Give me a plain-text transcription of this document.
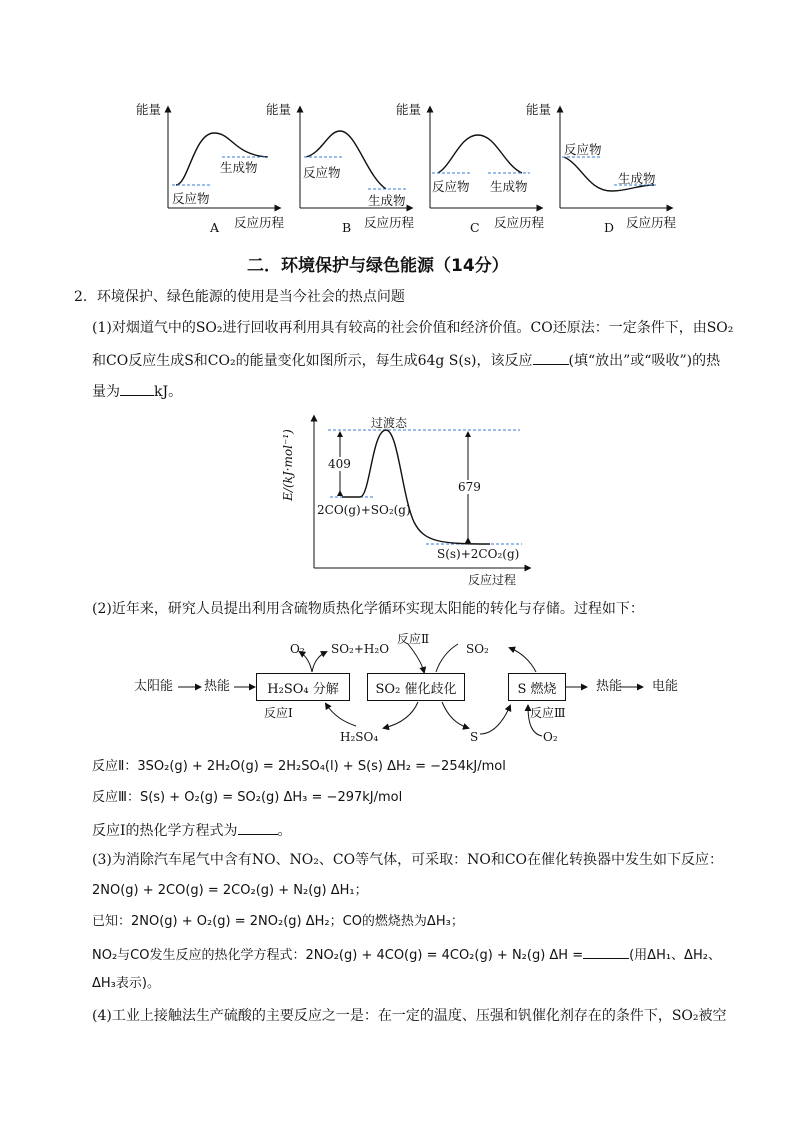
能量
生成物
反应物
反应历程
A
能量
反应物
生成物
反应历程
B
能量
反应物 生成物
反应历程
C
能量
反应物
生成物
反应历程
D
二．环境保护与绿色能源（14分）
2．环境保护、绿色能源的使用是当今社会的热点问题
(1)对烟道气中的SO₂进行回收再利用具有较高的社会价值和经济价值。CO还原法：一定条件下，由SO₂
和CO反应生成S和CO₂的能量变化如图所示，每生成64g S(s)，该反应	(填“放出”或“吸收”)的热
量为 kJ。
过渡态
409
679
E/(kJ·mol⁻¹)
2CO(g)+SO₂(g)
S(s)+2CO₂(g)
反应过程
(2)近年来，研究人员提出利用含硫物质热化学循环实现太阳能的转化与存储。过程如下：
太阳能 热能	H₂SO₄ 分解	SO₂ 催化歧化	S 燃烧	热能 电能
O₂ SO₂+H₂O
反应Ⅱ
SO₂
反应Ⅰ	反应Ⅲ
H₂SO₄	S	O₂
反应Ⅱ：3SO₂(g) + 2H₂O(g) = 2H₂SO₄(l) + S(s) ΔH₂ = −254kJ/mol
反应Ⅲ：S(s) + O₂(g) = SO₂(g) ΔH₃ = −297kJ/mol
反应Ⅰ的热化学方程式为	。
(3)为消除汽车尾气中含有NO、NO₂、CO等气体，可采取：NO和CO在催化转换器中发生如下反应：
2NO(g) + 2CO(g) = 2CO₂(g) + N₂(g) ΔH₁；
已知：2NO(g) + O₂(g) = 2NO₂(g) ΔH₂；CO的燃烧热为ΔH₃；
NO₂与CO发生反应的热化学方程式：2NO₂(g) + 4CO(g) = 4CO₂(g) + N₂(g) ΔH =	(用ΔH₁、ΔH₂、
ΔH₃表示)。
(4)工业上接触法生产硫酸的主要反应之一是：在一定的温度、压强和钒催化剂存在的条件下，SO₂被空
